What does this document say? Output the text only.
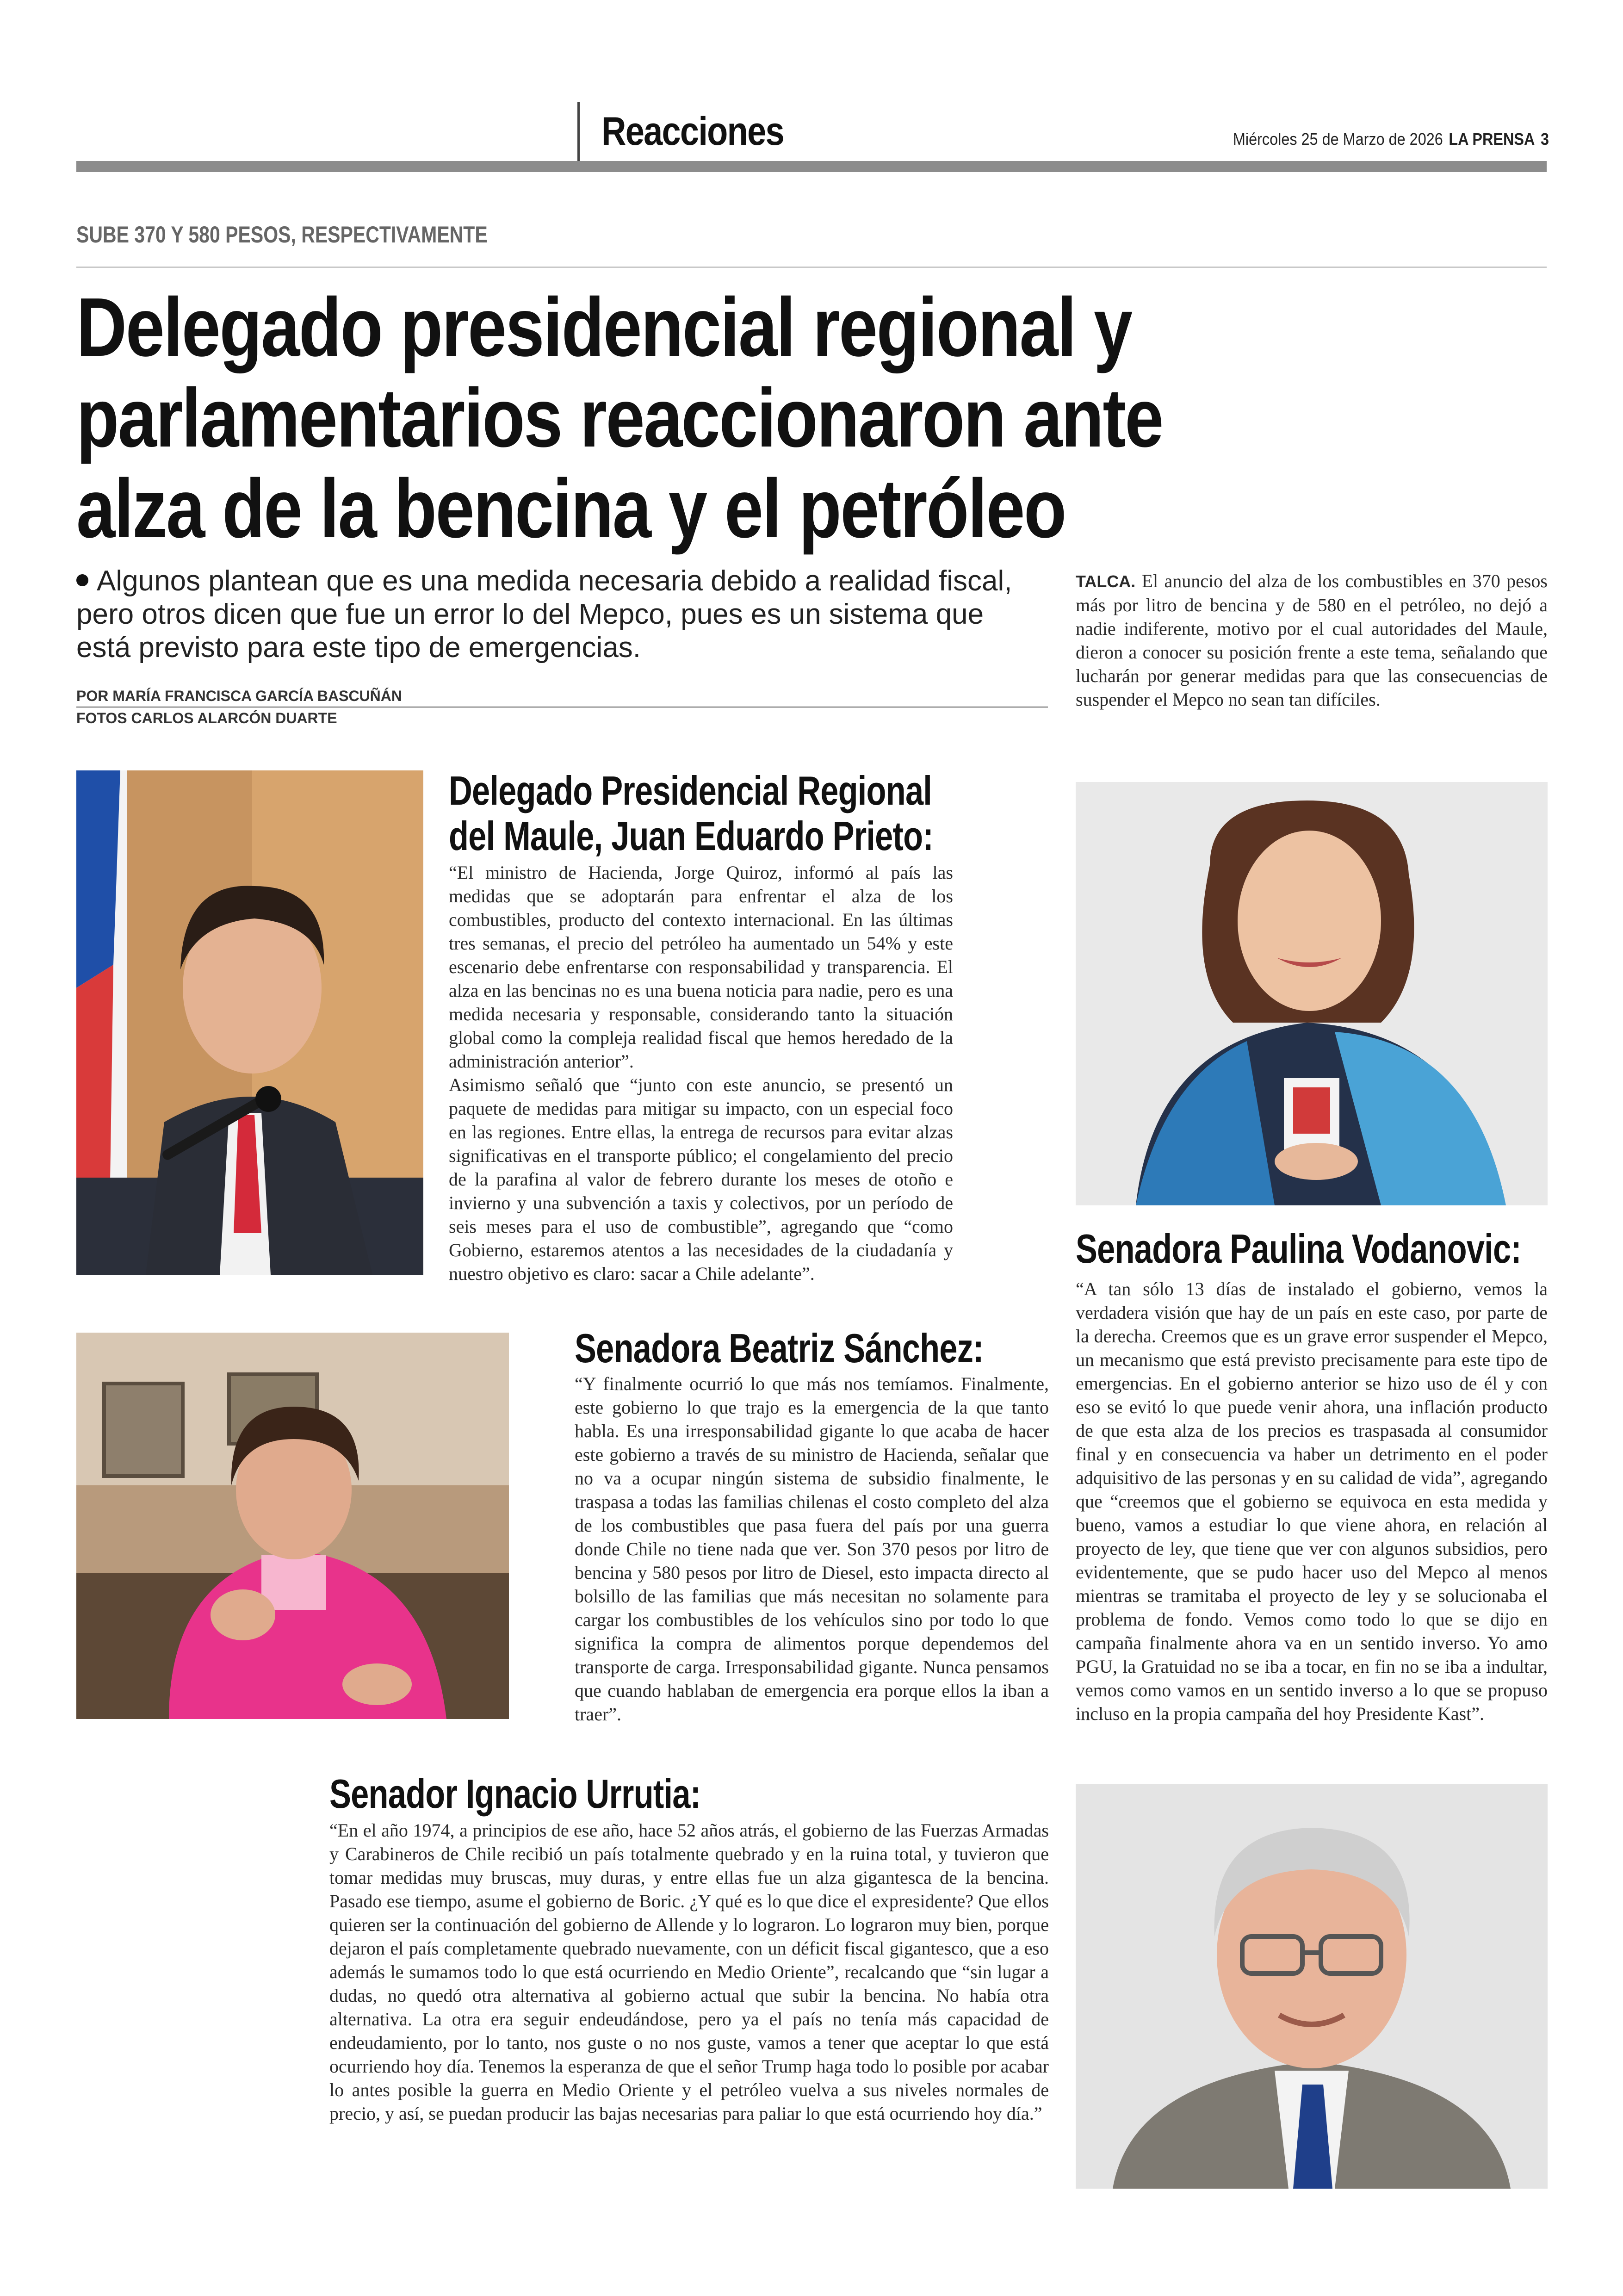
Reacciones	Miércoles 25 de Marzo de 2026 LA PRENSA 3
SUBE 370 Y 580 PESOS, RESPECTIVAMENTE
Delegado presidencial regional y
parlamentarios reaccionaron ante
alza de la bencina y el petróleo
Algunos plantean que es una medida necesaria debido a realidad fiscal, pero otros dicen que fue un error lo del Mepco, pues es un sistema que está previsto para este tipo de emergencias.
POR MARÍA FRANCISCA GARCÍA BASCUÑÁN
FOTOS CARLOS ALARCÓN DUARTE
TALCA. El anuncio del alza de los combustibles en 370 pesos más por litro de bencina y de 580 en el petróleo, no dejó a nadie indiferente, motivo por el cual autoridades del Maule, dieron a conocer su posición frente a este tema, señalando que lucharán por generar medidas para que las consecuencias de suspender el Mepco no sean tan difíciles.
Delegado Presidencial Regional
del Maule, Juan Eduardo Prieto:
“El ministro de Hacienda, Jorge Quiroz, informó al país las medidas que se adoptarán para enfrentar el alza de los combustibles, producto del contexto internacional. En las últimas tres semanas, el precio del petróleo ha aumentado un 54% y este escenario debe enfrentarse con responsabilidad y transparencia. El alza en las bencinas no es una buena noticia para nadie, pero es una medida necesaria y responsable, considerando tanto la situación global como la compleja realidad fiscal que hemos heredado de la administración anterior”.
Asimismo señaló que “junto con este anuncio, se presentó un paquete de medidas para mitigar su impacto, con un especial foco en las regiones. Entre ellas, la entrega de recursos para evitar alzas significativas en el transporte público; el congelamiento del precio de la parafina al valor de febrero durante los meses de otoño e invierno y una subvención a taxis y colectivos, por un período de seis meses para el uso de combustible”, agregando que “como Gobierno, estaremos atentos a las necesidades de la ciudadanía y nuestro objetivo es claro: sacar a Chile adelante”.
Senadora Paulina Vodanovic:
“A tan sólo 13 días de instalado el gobierno, vemos la verdadera visión que hay de un país en este caso, por parte de la derecha. Creemos que es un grave error suspender el Mepco, un mecanismo que está previsto precisamente para este tipo de emergencias. En el gobierno anterior se hizo uso de él y con eso se evitó lo que puede venir ahora, una inflación producto de que esta alza de los precios es traspasada al consumidor final y en consecuencia va haber un detrimento en el poder adquisitivo de las personas y en su calidad de vida”, agregando que “creemos que el gobierno se equivoca en esta medida y bueno, vamos a estudiar lo que viene ahora, en relación al proyecto de ley, que tiene que ver con algunos subsidios, pero evidentemente, que se pudo hacer uso del Mepco al menos mientras se tramitaba el proyecto de ley y se solucionaba el problema de fondo. Vemos como todo lo que se dijo en campaña finalmente ahora va en un sentido inverso. Yo amo PGU, la Gratuidad no se iba a tocar, en fin no se iba a indultar, vemos como vamos en un sentido inverso a lo que se propuso incluso en la propia campaña del hoy Presidente Kast”.
Senadora Beatriz Sánchez:
“Y finalmente ocurrió lo que más nos temíamos. Finalmente, este gobierno lo que trajo es la emergencia de la que tanto habla. Es una irresponsabilidad gigante lo que acaba de hacer este gobierno a través de su ministro de Hacienda, señalar que no va a ocupar ningún sistema de subsidio finalmente, le traspasa a todas las familias chilenas el costo completo del alza de los combustibles que pasa fuera del país por una guerra donde Chile no tiene nada que ver. Son 370 pesos por litro de bencina y 580 pesos por litro de Diesel, esto impacta directo al bolsillo de las familias que más necesitan no solamente para cargar los combustibles de los vehículos sino por todo lo que significa la compra de alimentos porque dependemos del transporte de carga. Irresponsabilidad gigante. Nunca pensamos que cuando hablaban de emergencia era porque ellos la iban a traer”.
Senador Ignacio Urrutia:
“En el año 1974, a principios de ese año, hace 52 años atrás, el gobierno de las Fuerzas Armadas y Carabineros de Chile recibió un país totalmente quebrado y en la ruina total, y tuvieron que tomar medidas muy bruscas, muy duras, y entre ellas fue un alza gigantesca de la bencina. Pasado ese tiempo, asume el gobierno de Boric. ¿Y qué es lo que dice el expresidente? Que ellos quieren ser la continuación del gobierno de Allende y lo lograron. Lo lograron muy bien, porque dejaron el país completamente quebrado nuevamente, con un déficit fiscal gigantesco, que a eso además le sumamos todo lo que está ocurriendo en Medio Oriente”, recalcando que “sin lugar a dudas, no quedó otra alternativa al gobierno actual que subir la bencina. No había otra alternativa. La otra era seguir endeudándose, pero ya el país no tenía más capacidad de endeudamiento, por lo tanto, nos guste o no nos guste, vamos a tener que aceptar lo que está ocurriendo hoy día. Tenemos la esperanza de que el señor Trump haga todo lo posible por acabar lo antes posible la guerra en Medio Oriente y el petróleo vuelva a sus niveles normales de precio, y así, se puedan producir las bajas necesarias para paliar lo que está ocurriendo hoy día.”
